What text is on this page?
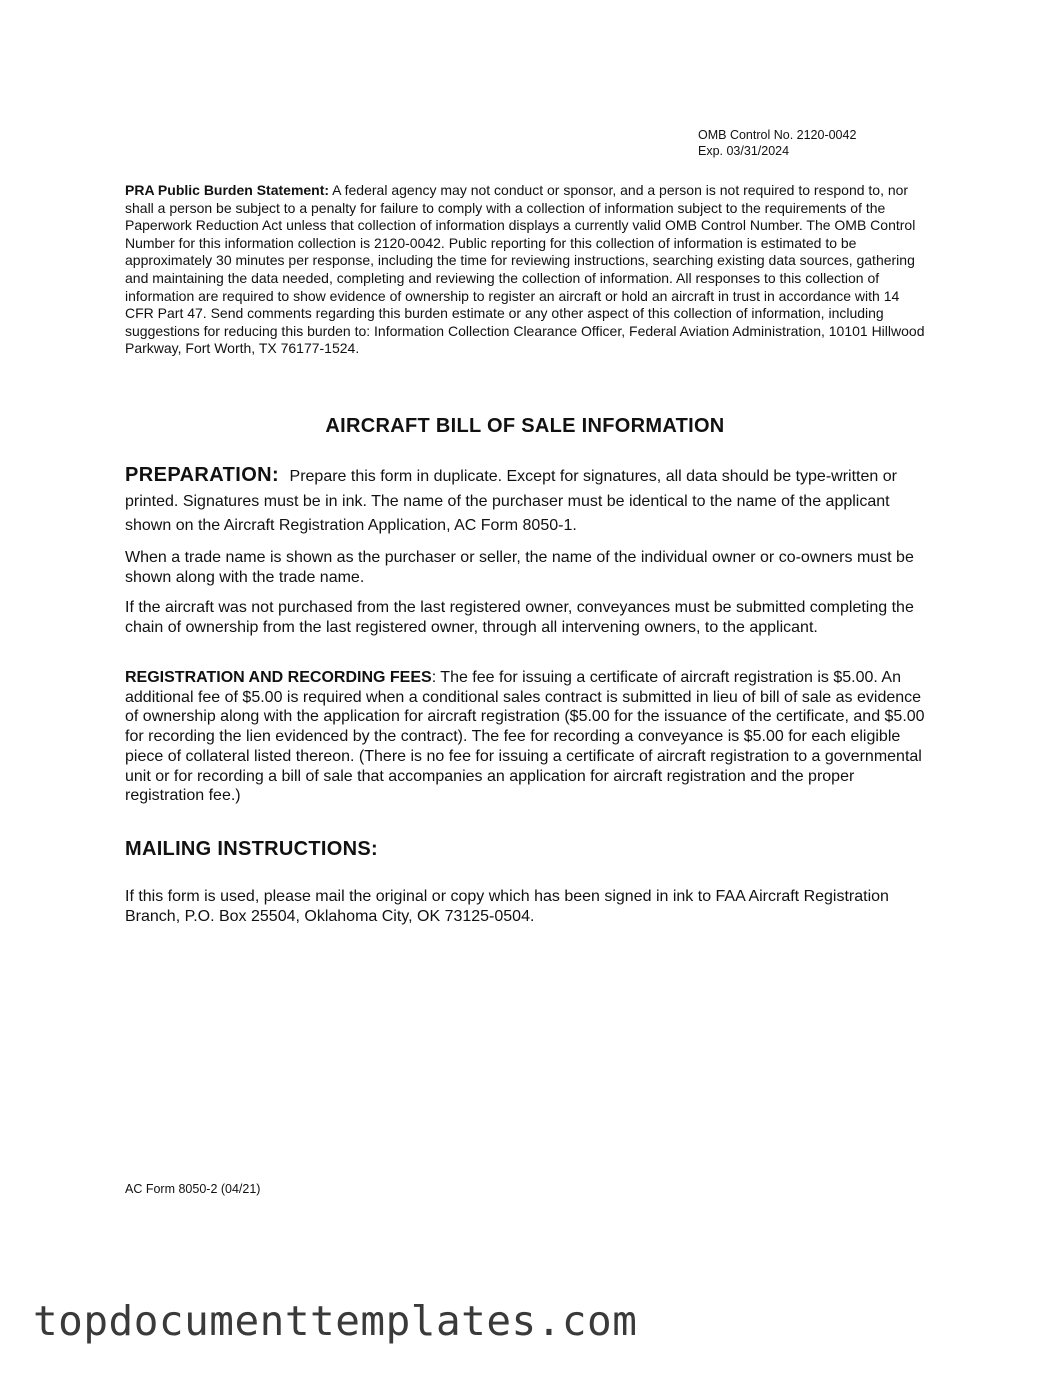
OMB Control No. 2120-0042
Exp. 03/31/2024

PRA Public Burden Statement: A federal agency may not conduct or sponsor, and a person is not required to respond to, nor shall a person be subject to a penalty for failure to comply with a collection of information subject to the requirements of the Paperwork Reduction Act unless that collection of information displays a currently valid OMB Control Number. The OMB Control Number for this information collection is 2120-0042. Public reporting for this collection of information is estimated to be approximately 30 minutes per response, including the time for reviewing instructions, searching existing data sources, gathering and maintaining the data needed, completing and reviewing the collection of information. All responses to this collection of information are required to show evidence of ownership to register an aircraft or hold an aircraft in trust in accordance with 14 CFR Part 47. Send comments regarding this burden estimate or any other aspect of this collection of information, including suggestions for reducing this burden to: Information Collection Clearance Officer, Federal Aviation Administration, 10101 Hillwood Parkway, Fort Worth, TX 76177-1524.

AIRCRAFT BILL OF SALE INFORMATION

PREPARATION: Prepare this form in duplicate. Except for signatures, all data should be type-written or printed. Signatures must be in ink. The name of the purchaser must be identical to the name of the applicant shown on the Aircraft Registration Application, AC Form 8050-1.

When a trade name is shown as the purchaser or seller, the name of the individual owner or co-owners must be shown along with the trade name.

If the aircraft was not purchased from the last registered owner, conveyances must be submitted completing the chain of ownership from the last registered owner, through all intervening owners, to the applicant.

REGISTRATION AND RECORDING FEES: The fee for issuing a certificate of aircraft registration is $5.00. An additional fee of $5.00 is required when a conditional sales contract is submitted in lieu of bill of sale as evidence of ownership along with the application for aircraft registration ($5.00 for the issuance of the certificate, and $5.00 for recording the lien evidenced by the contract). The fee for recording a conveyance is $5.00 for each eligible piece of collateral listed thereon. (There is no fee for issuing a certificate of aircraft registration to a governmental unit or for recording a bill of sale that accompanies an application for aircraft registration and the proper registration fee.)

MAILING INSTRUCTIONS:

If this form is used, please mail the original or copy which has been signed in ink to FAA Aircraft Registration Branch, P.O. Box 25504, Oklahoma City, OK 73125-0504.

AC Form 8050-2 (04/21)
topdocumenttemplates.com
